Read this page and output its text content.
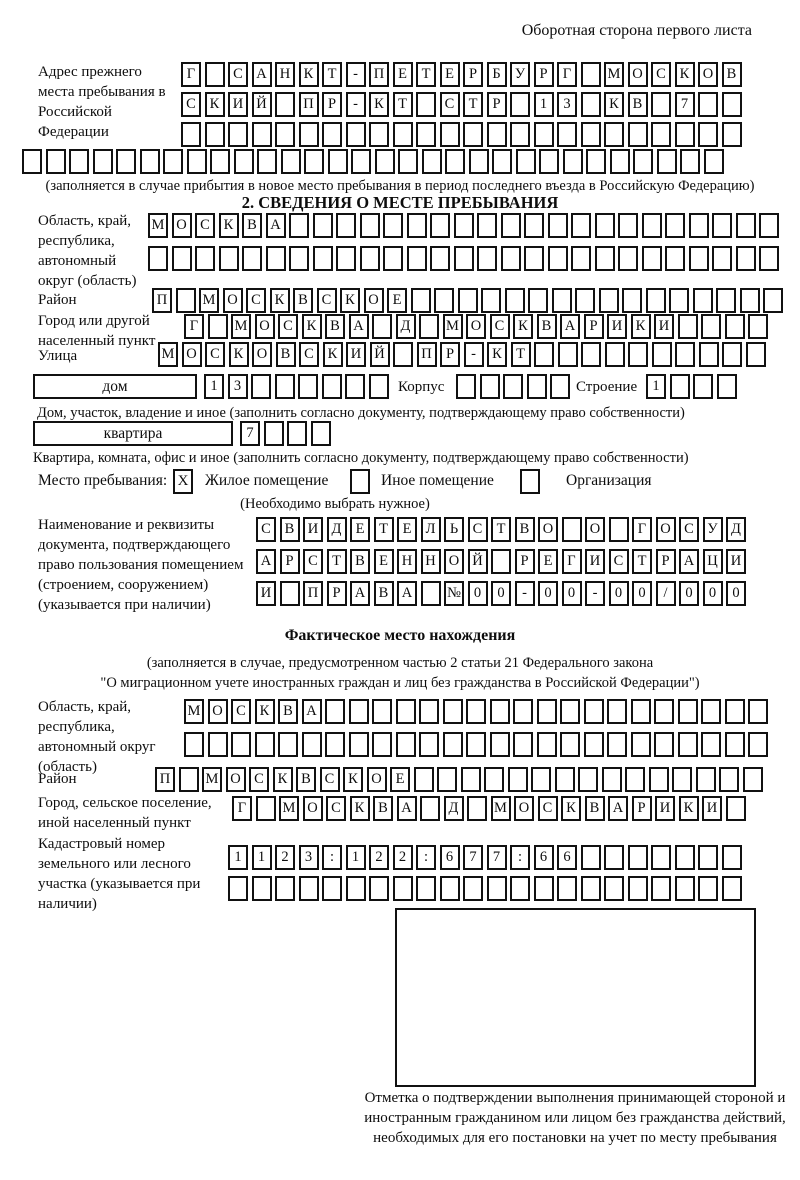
Оборотная сторона первого листа
Адрес прежнего места пребывания в Российской Федерации
Г	С А Н К Т	-	П Е	Т	Е	Р	Б У Р	Г	М О С К О В
С К И Й	П Р	-	К Т	С Т	Р	1	3	К В	7
(заполняется в случае прибытия в новое место пребывания в период последнего въезда в Российскую Федерацию)
2. СВЕДЕНИЯ О МЕСТЕ ПРЕБЫВАНИЯ
Область, край, республика, автономный округ (область)
М О С К В А
Район	П	М О С К В С К О Е
Город или другой населенный пункт
Г	М О С К В А	Д	М О С К В А Р И К И
Улица	М О С К О В С К И Й	П Р	-	К Т
дом	1	3	Корпус	Строение	1
Дом, участок, владение и иное (заполнить согласно документу, подтверждающему право собственности)
квартира	7
Квартира, комната, офис и иное (заполнить согласно документу, подтверждающему право собственности)
Место пребывания: X Жилое помещение	Иное помещение	Организация
(Необходимо выбрать нужное)
Наименование и реквизиты документа, подтверждающего право пользования помещением (строением, сооружением) (указывается при наличии)
С В И Д Е	Т	Е Л Ь	С Т В О	О	Г О С У Д
А Р	С Т В Е Н Н О Й	Р	Е	Г И С Т	Р А Ц И
И	П Р А В А	№ 0	0	-	0	0	-	0	0	/	0	0	0
Фактическое место нахождения
(заполняется в случае, предусмотренном частью 2 статьи 21 Федерального закона
"О миграционном учете иностранных граждан и лиц без гражданства в Российской Федерации")
Область, край, республика, автономный округ (область)
М О С К В А
Район	П	М О С К В С К О Е
Город, сельское поселение, иной населенный пункт
Г	М О С К В А	Д	М О С К В А Р И К И
Кадастровый номер земельного или лесного участка (указывается при наличии)
1	1	2	3	:	1	2	2	:	6	7	7	:	6	6
Отметка о подтверждении выполнения принимающей стороной и иностранным гражданином или лицом без гражданства действий, необходимых для его постановки на учет по месту пребывания
